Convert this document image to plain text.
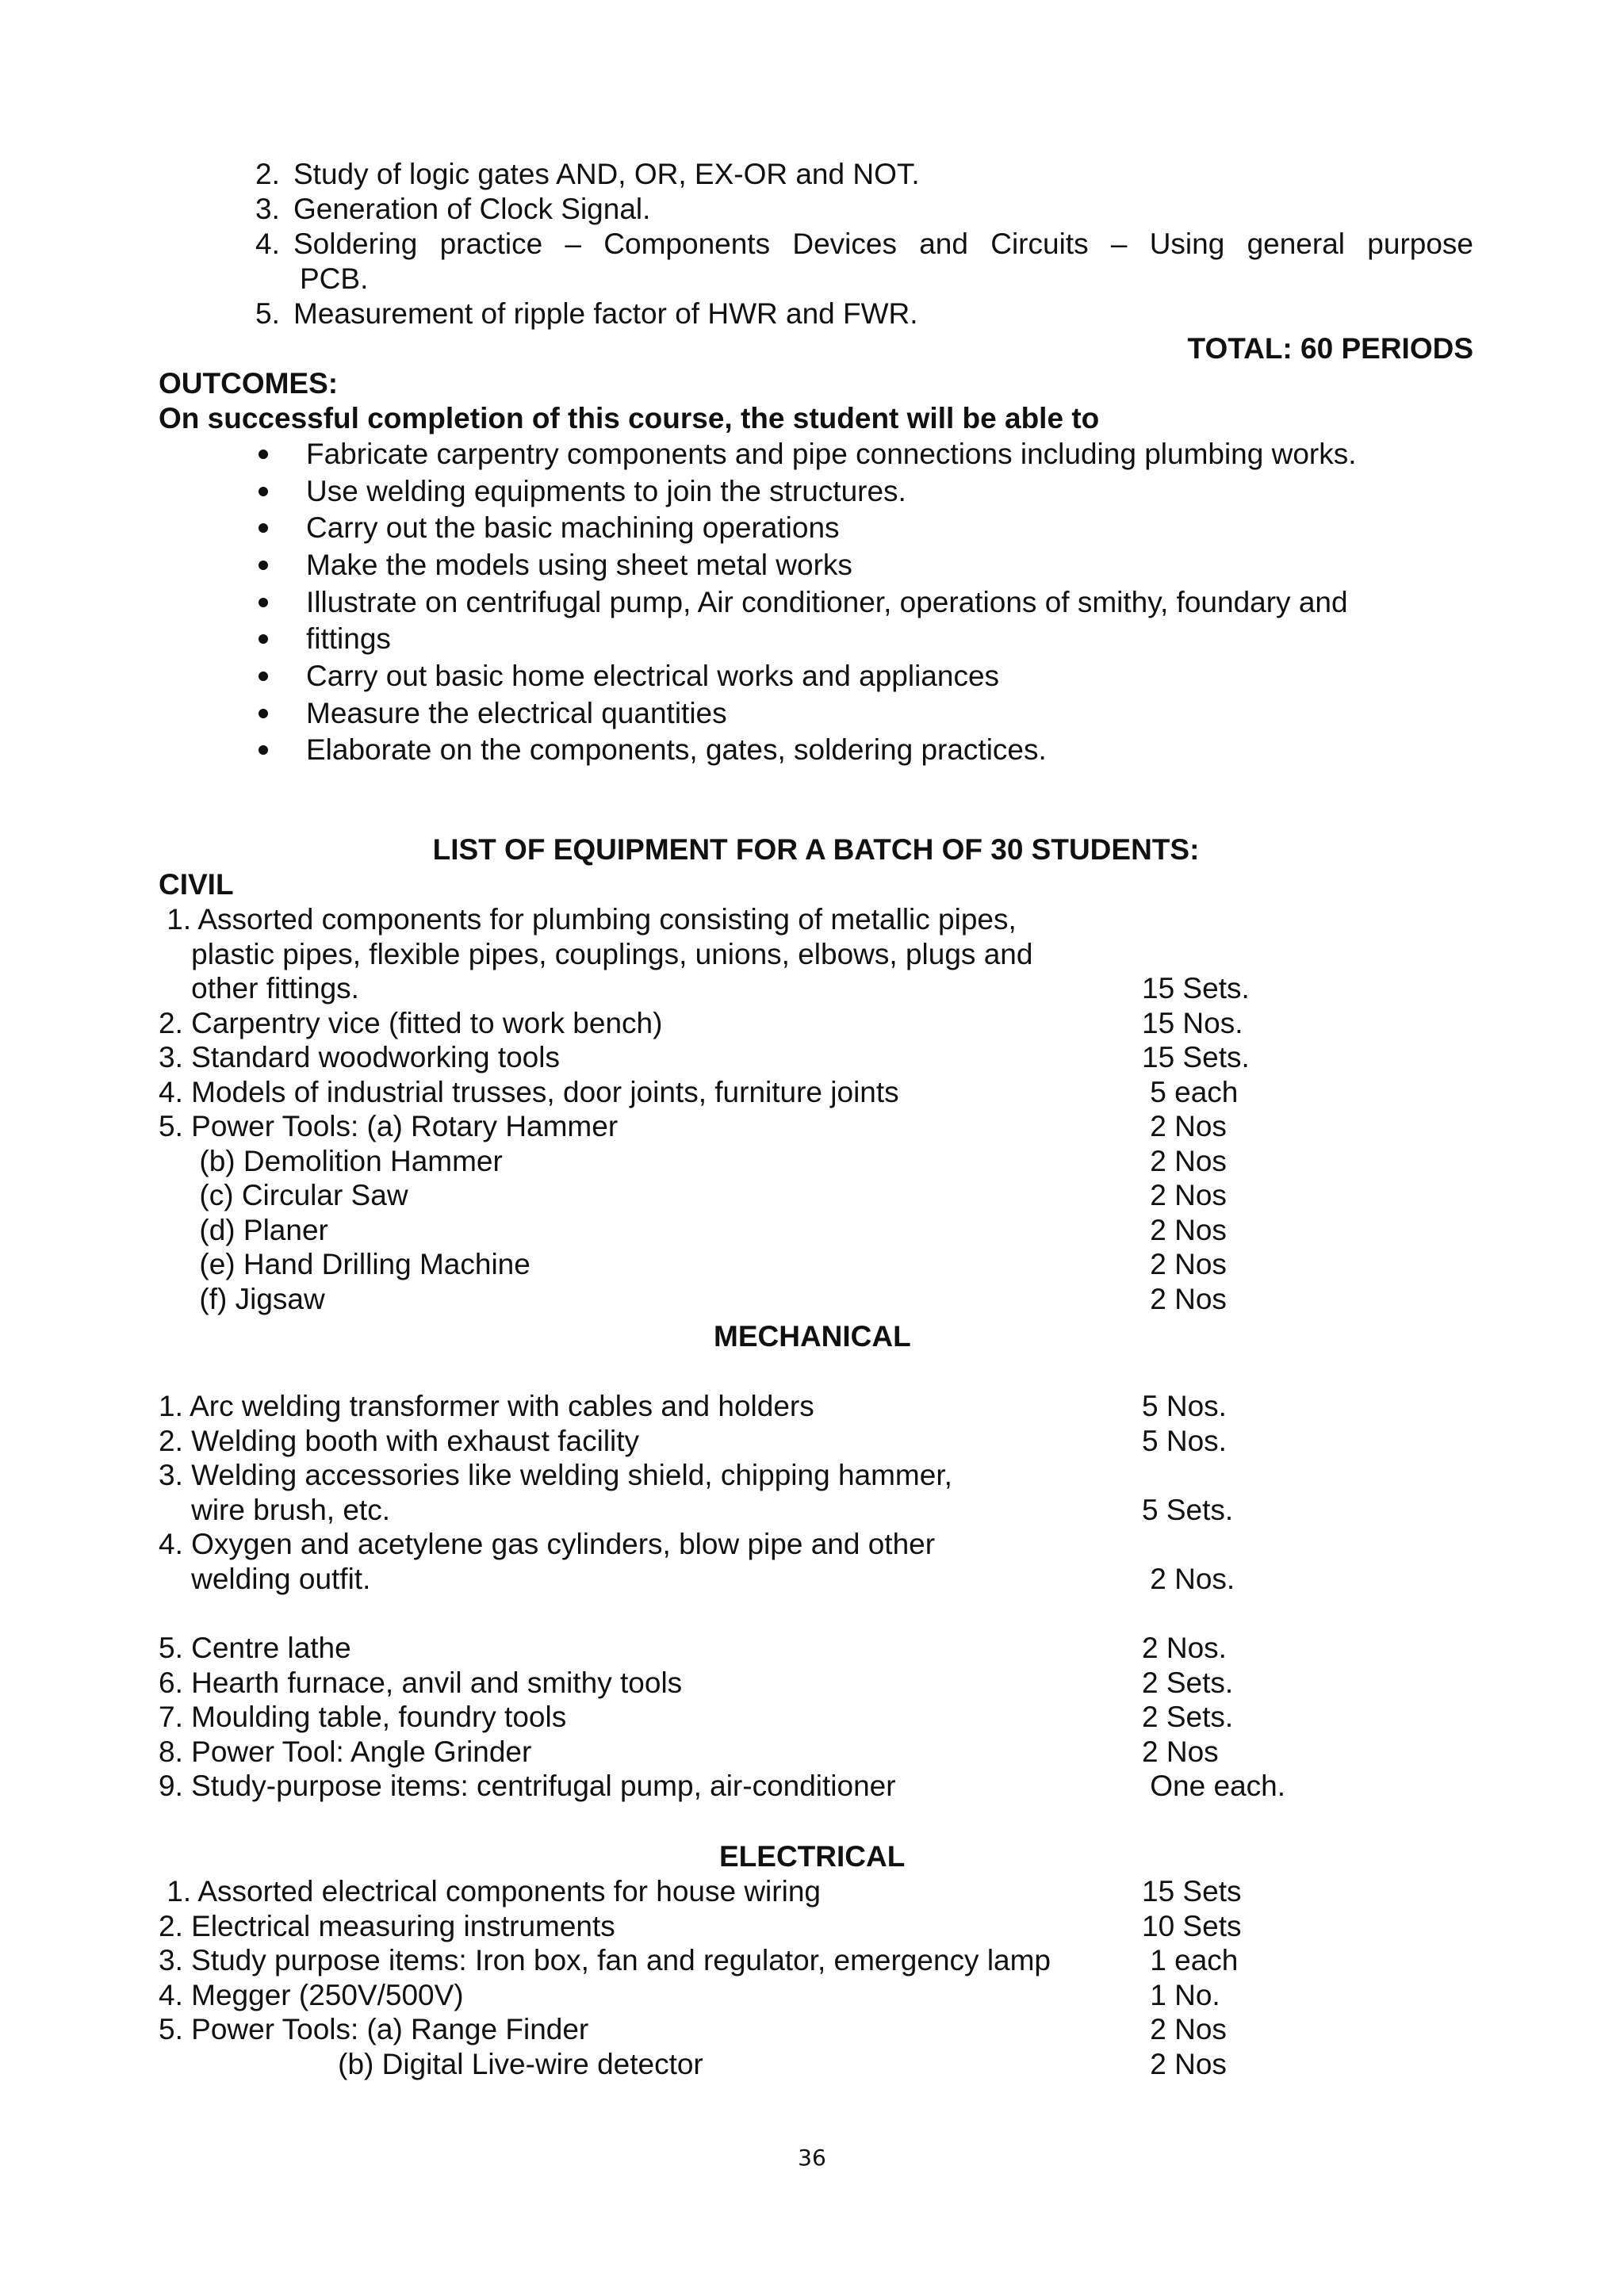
2. Study of logic gates AND, OR, EX-OR and NOT.
3. Generation of Clock Signal.
4. Soldering practice – Components Devices and Circuits – Using general purpose
PCB.
5. Measurement of ripple factor of HWR and FWR.
TOTAL: 60 PERIODS
OUTCOMES:
On successful completion of this course, the student will be able to
Fabricate carpentry components and pipe connections including plumbing works.
Use welding equipments to join the structures.
Carry out the basic machining operations
Make the models using sheet metal works
Illustrate on centrifugal pump, Air conditioner, operations of smithy, foundary and
fittings
Carry out basic home electrical works and appliances
Measure the electrical quantities
Elaborate on the components, gates, soldering practices.
LIST OF EQUIPMENT FOR A BATCH OF 30 STUDENTS:
CIVIL
1. Assorted components for plumbing consisting of metallic pipes,
plastic pipes, flexible pipes, couplings, unions, elbows, plugs and
other fittings.	15 Sets.
2. Carpentry vice (fitted to work bench)	15 Nos.
3. Standard woodworking tools	15 Sets.
4. Models of industrial trusses, door joints, furniture joints	5 each
5. Power Tools: (a) Rotary Hammer	2 Nos
(b) Demolition Hammer	2 Nos
(c) Circular Saw	2 Nos
(d) Planer	2 Nos
(e) Hand Drilling Machine	2 Nos
(f) Jigsaw	2 Nos
MECHANICAL
1. Arc welding transformer with cables and holders	5 Nos.
2. Welding booth with exhaust facility	5 Nos.
3. Welding accessories like welding shield, chipping hammer,
wire brush, etc.	5 Sets.
4. Oxygen and acetylene gas cylinders, blow pipe and other
welding outfit.	2 Nos.
5. Centre lathe	2 Nos.
6. Hearth furnace, anvil and smithy tools	2 Sets.
7. Moulding table, foundry tools	2 Sets.
8. Power Tool: Angle Grinder	2 Nos
9. Study-purpose items: centrifugal pump, air-conditioner	One each.
ELECTRICAL
1. Assorted electrical components for house wiring	15 Sets
2. Electrical measuring instruments	10 Sets
3. Study purpose items: Iron box, fan and regulator, emergency lamp	1 each
4. Megger (250V/500V)	1 No.
5. Power Tools: (a) Range Finder	2 Nos
(b) Digital Live-wire detector	2 Nos
36
